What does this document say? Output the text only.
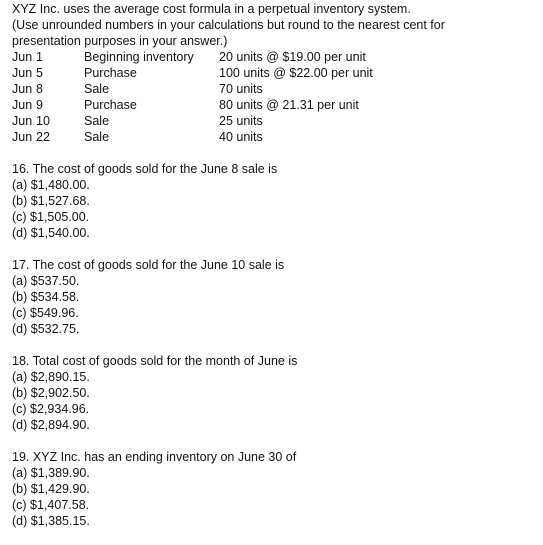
XYZ Inc. uses the average cost formula in a perpetual inventory system.
(Use unrounded numbers in your calculations but round to the nearest cent for
presentation purposes in your answer.)
Jun	1	Beginning inventory	20 units @ $19.00 per unit
Jun	5	Purchase	100 units @ $22.00 per unit
Jun	8	Sale	70 units
Jun	9	Purchase	80 units @ 21.31 per unit
Jun	10	Sale	25 units
Jun	22	Sale	40 units
16. The cost of goods sold for the June 8 sale is
(a) $1,480.00.
(b) $1,527.68.
(c) $1,505.00.
(d) $1,540.00.
17. The cost of goods sold for the June 10 sale is
(a) $537.50.
(b) $534.58.
(c) $549.96.
(d) $532.75.
18. Total cost of goods sold for the month of June is
(a) $2,890.15.
(b) $2,902.50.
(c) $2,934.96.
(d) $2,894.90.
19. XYZ Inc. has an ending inventory on June 30 of
(a) $1,389.90.
(b) $1,429.90.
(c) $1,407.58.
(d) $1,385.15.
